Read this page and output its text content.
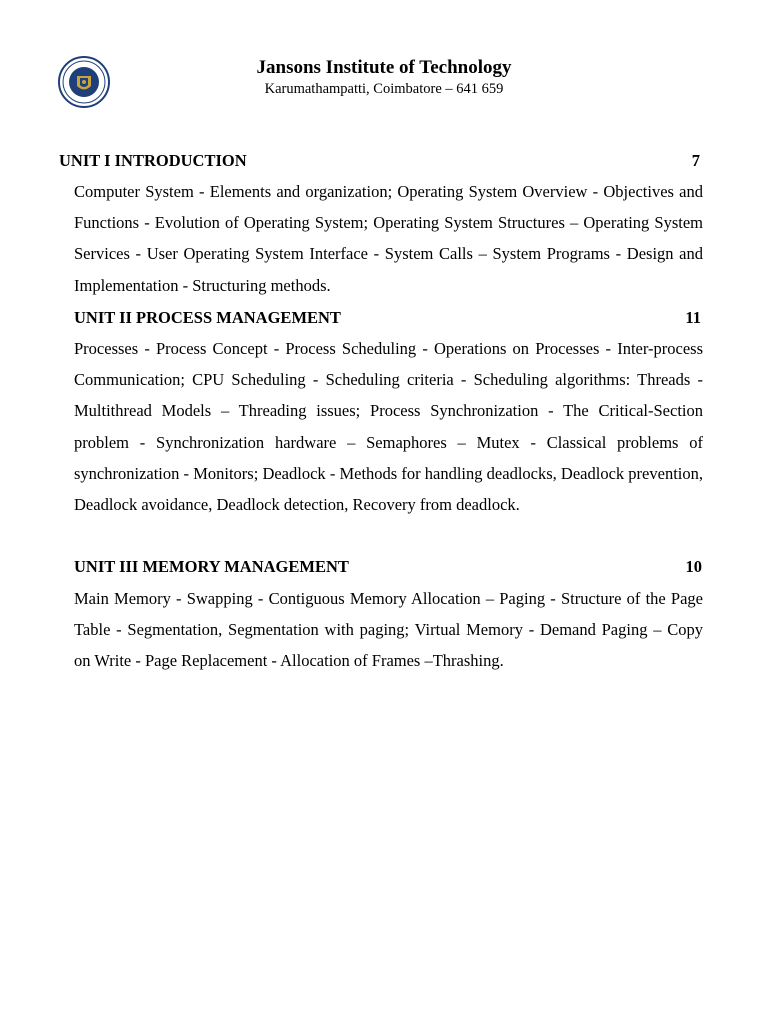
Jansons Institute of Technology
Karumathampatti, Coimbatore – 641 659
UNIT I INTRODUCTION	7
Computer System - Elements and organization; Operating System Overview - Objectives and Functions - Evolution of Operating System; Operating System Structures – Operating System Services - User Operating System Interface - System Calls – System Programs - Design and Implementation - Structuring methods.
UNIT II PROCESS MANAGEMENT	11
Processes - Process Concept - Process Scheduling - Operations on Processes - Inter-process Communication; CPU Scheduling - Scheduling criteria - Scheduling algorithms: Threads - Multithread Models – Threading issues; Process Synchronization - The Critical-Section problem - Synchronization hardware – Semaphores – Mutex - Classical problems of synchronization - Monitors; Deadlock - Methods for handling deadlocks, Deadlock prevention, Deadlock avoidance, Deadlock detection, Recovery from deadlock.
UNIT III MEMORY MANAGEMENT	10
Main Memory - Swapping - Contiguous Memory Allocation – Paging - Structure of the Page Table - Segmentation, Segmentation with paging; Virtual Memory - Demand Paging – Copy on Write - Page Replacement - Allocation of Frames –Thrashing.
